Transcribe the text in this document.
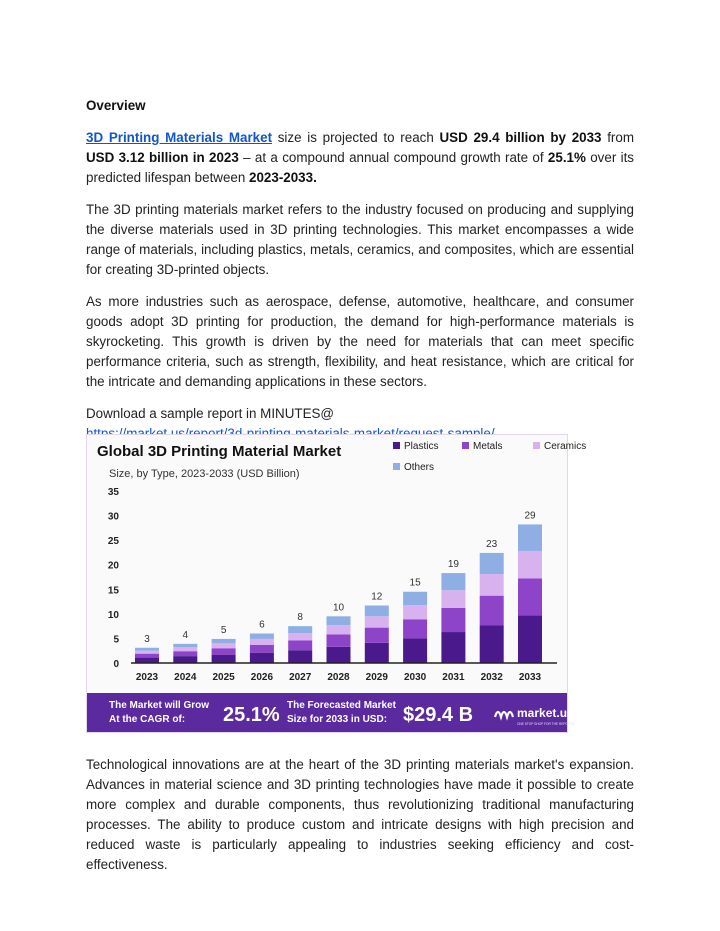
Overview

3D Printing Materials Market size is projected to reach USD 29.4 billion by 2033 from USD 3.12 billion in 2023 – at a compound annual compound growth rate of 25.1% over its predicted lifespan between 2023-2033.

The 3D printing materials market refers to the industry focused on producing and supplying the diverse materials used in 3D printing technologies. This market encompasses a wide range of materials, including plastics, metals, ceramics, and composites, which are essential for creating 3D-printed objects.

As more industries such as aerospace, defense, automotive, healthcare, and consumer goods adopt 3D printing for production, the demand for high-performance materials is skyrocketing. This growth is driven by the need for materials that can meet specific performance criteria, such as strength, flexibility, and heat resistance, which are critical for the intricate and demanding applications in these sectors.

Download a sample report in MINUTES@
Global 3D Printing Material Market
Size, by Type, 2023-2033 (USD Billion)
Plastics	Metals	Ceramics
Others
0
5
10
15
20
25
30
35
3
2023
4
2024
5
2025
6
2026
8
2027
10
2028
12
2029
15
2030
19
2031
23
2032
29
2033
The Market will Grow
At the CAGR of: 25.1% The Forecasted Market
Size for 2033 in USD: $29.4 B	market.us
ONE STOP SHOP FOR THE REPORTS

Technological innovations are at the heart of the 3D printing materials market's expansion. Advances in material science and 3D printing technologies have made it possible to create more complex and durable components, thus revolutionizing traditional manufacturing processes. The ability to produce custom and intricate designs with high precision and reduced waste is particularly appealing to industries seeking efficiency and cost-effectiveness.
